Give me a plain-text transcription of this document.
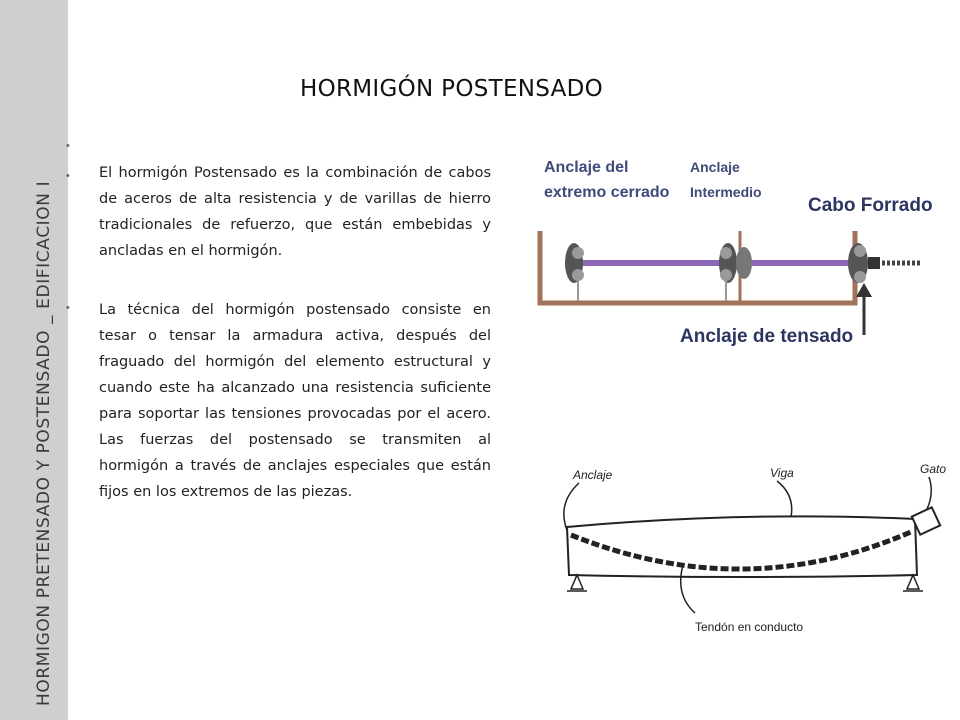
HORMIGON PRETENSADO Y POSTENSADO _ EDIFICACION I
HORMIGÓN POSTENSADO
•
•
•
El hormigón Postensado es la combinación de cabos de aceros de alta resistencia y de varillas de hierro tradicionales de refuerzo, que están embebidas y ancladas en el hormigón.
La técnica del hormigón postensado consiste en tesar o tensar la armadura activa, después del fraguado del hormigón del elemento estructural y cuando este ha alcanzado una resistencia suficiente para soportar las tensiones provocadas por el acero. Las fuerzas del postensado se transmiten al hormigón a través de anclajes especiales que están fijos en los extremos de las piezas.
Anclaje del
extremo cerrado
Anclaje
Intermedio
Cabo Forrado
Anclaje de tensado
Anclaje	Viga	Gato
Tendón en conducto
